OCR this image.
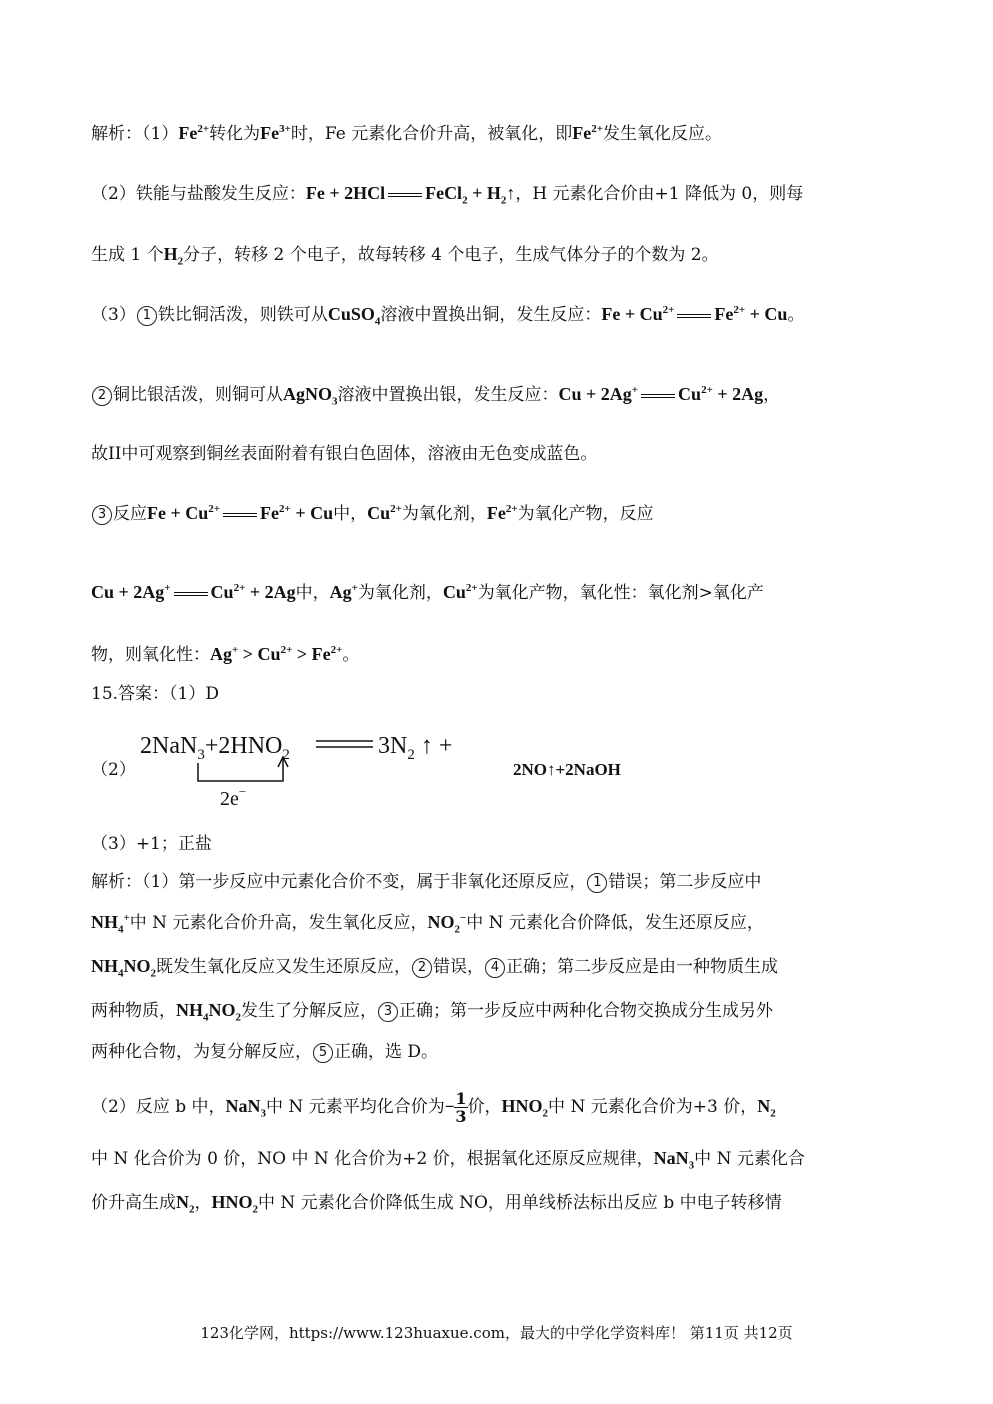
解析：$(1)Fe^{2+}$转化为$Fe^{3+}$时，Fe 元素化合价升高，被氧化，即$Fe^{2+}$发生氧化反应。
（2）铁能与盐酸发生反应：Fe + 2HCl FeCl$_2$ + $H_2↑$，H 元素化合价由+1 降低为 0，则每
生成 1 个$H_2$分子，转移 2 个电子，故每转移 4 个电子，生成气体分子的个数为 2。
（3） 1 铁比铜活泼，则铁可从CuSO$_4$溶液中置换出铜，发生反应：$Fe + Cu^{2+}$ $Fe^{2+} + Cu$。
2 铜比银活泼，则铜可从AgNO$_3$溶液中置换出银，发生反应：Cu + 2Ag+ $Cu^{2+} + 2Ag$，
故II中可观察到铜丝表面附着有银白色固体，溶液由无色变成蓝色。
3 反应$Fe + Cu^{2+}$ $Fe^{2+} + Cu$中，$Cu^{2+}$为氧化剂，$Fe^{2+}$为氧化产物，反应
Cu + 2Ag+ $Cu^{2+} + 2Ag$中，Ag+为氧化剂，$Cu^{2+}$为氧化产物，氧化性：氧化剂>氧化产
物，则氧化性：$Ag^+ > Cu^{2+} > Fe^{2+}$。
15.答案：（1）D
（2）	2NO↑+2NaOH
$2NaN_3+2HNO_2$	$3N_2$ ↑ +
2e−
（3）+1；正盐
解析：（1）第一步反应中元素化合价不变，属于非氧化还原反应， 1 错误；第二步反应中
$NH_4^+$中 N 元素化合价升高，发生氧化反应，$NO_2^-$中 N 元素化合价降低，发生还原反应，
$NH_4NO_2$既发生氧化反应又发生还原反应， 2 错误， 4 正确；第二步反应是由一种物质生成
两种物质，$NH_4NO_2$发生了分解反应， 3 正确；第一步反应中两种化合物交换成分生成另外
两种化合物，为复分解反应， 5 正确，选 D。
（2）反应 b 中，NaN$_3$中 N 元素平均化合价为− $\frac{1}{3}$ 价，$HNO_2$中 N 元素化合价为+3 价，$N_2$
中 N 化合价为 0 价，NO 中 N 化合价为+2 价，根据氧化还原反应规律，NaN$_3$中 N 元素化合
价升高生成$N_2$，$HNO_2$中 N 元素化合价降低生成 NO，用单线桥法标出反应 b 中电子转移情
123化学网，https://www.123huaxue.com，最大的中学化学资料库！ 第11页 共12页
